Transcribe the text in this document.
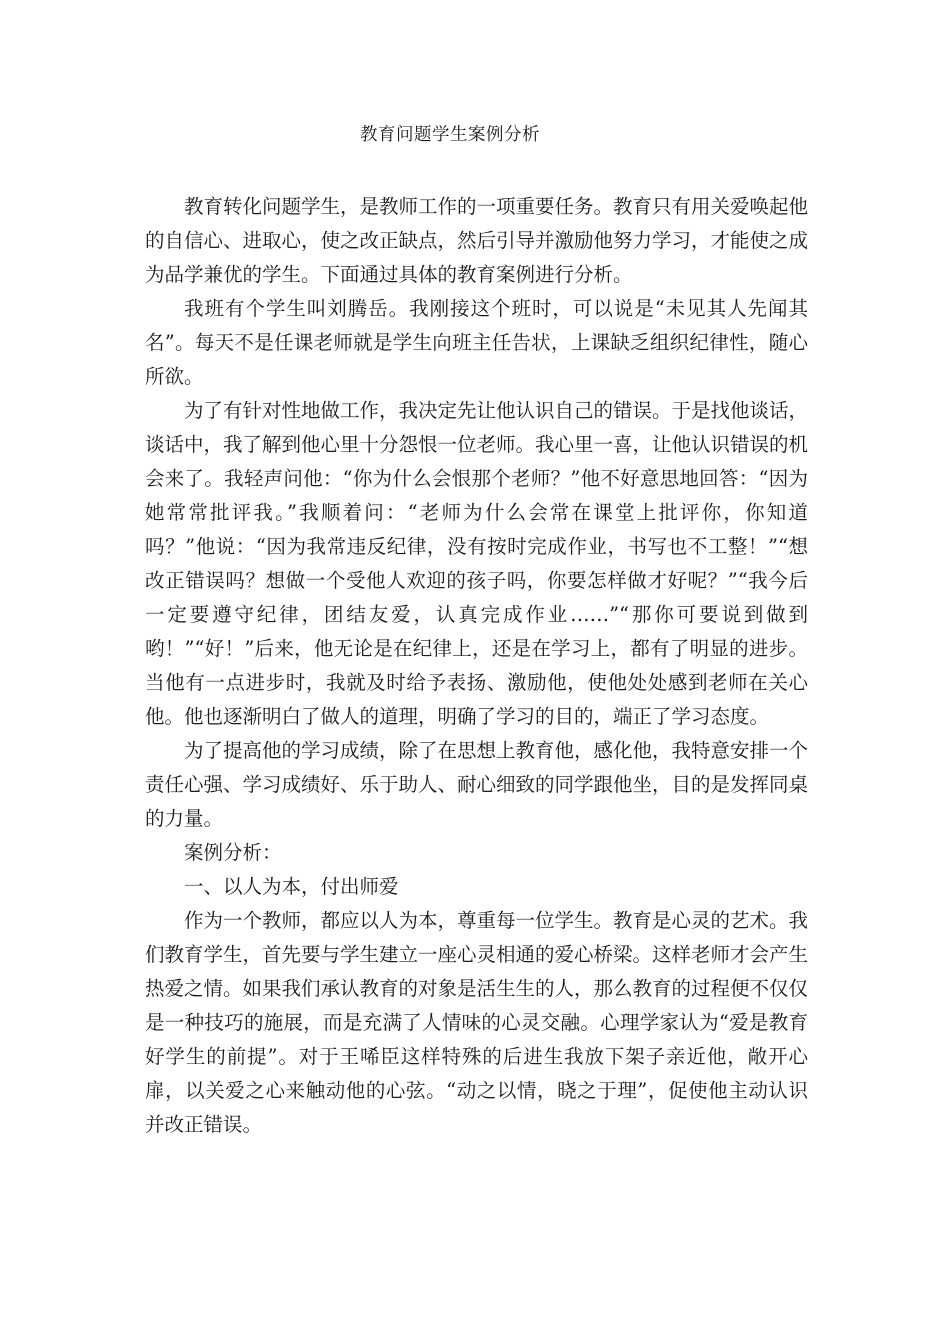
教育问题学生案例分析

教育转化问题学生，是教师工作的一项重要任务。教育只有用关爱唤起他的自信心、进取心，使之改正缺点，然后引导并激励他努力学习，才能使之成为品学兼优的学生。下面通过具体的教育案例进行分析。

我班有个学生叫刘腾岳。我刚接这个班时，可以说是“未见其人先闻其名”。每天不是任课老师就是学生向班主任告状，上课缺乏组织纪律性，随心所欲。

为了有针对性地做工作，我决定先让他认识自己的错误。于是找他谈话，谈话中，我了解到他心里十分怨恨一位老师。我心里一喜，让他认识错误的机会来了。我轻声问他：“你为什么会恨那个老师？”他不好意思地回答：“因为她常常批评我。”我顺着问：“老师为什么会常在课堂上批评你，你知道吗？”他说：“因为我常违反纪律，没有按时完成作业，书写也不工整！”“想改正错误吗？想做一个受他人欢迎的孩子吗，你要怎样做才好呢？”“我今后一定要遵守纪律，团结友爱，认真完成作业……”“那你可要说到做到哟！”“好！”后来，他无论是在纪律上，还是在学习上，都有了明显的进步。当他有一点进步时，我就及时给予表扬、激励他，使他处处感到老师在关心他。他也逐渐明白了做人的道理，明确了学习的目的，端正了学习态度。

为了提高他的学习成绩，除了在思想上教育他，感化他，我特意安排一个责任心强、学习成绩好、乐于助人、耐心细致的同学跟他坐，目的是发挥同桌的力量。

案例分析：

一、以人为本，付出师爱

作为一个教师，都应以人为本，尊重每一位学生。教育是心灵的艺术。我们教育学生，首先要与学生建立一座心灵相通的爱心桥梁。这样老师才会产生热爱之情。如果我们承认教育的对象是活生生的人，那么教育的过程便不仅仅是一种技巧的施展，而是充满了人情味的心灵交融。心理学家认为“爱是教育好学生的前提”。对于王唏臣这样特殊的后进生我放下架子亲近他，敞开心扉，以关爱之心来触动他的心弦。“动之以情，晓之于理”，促使他主动认识并改正错误。
